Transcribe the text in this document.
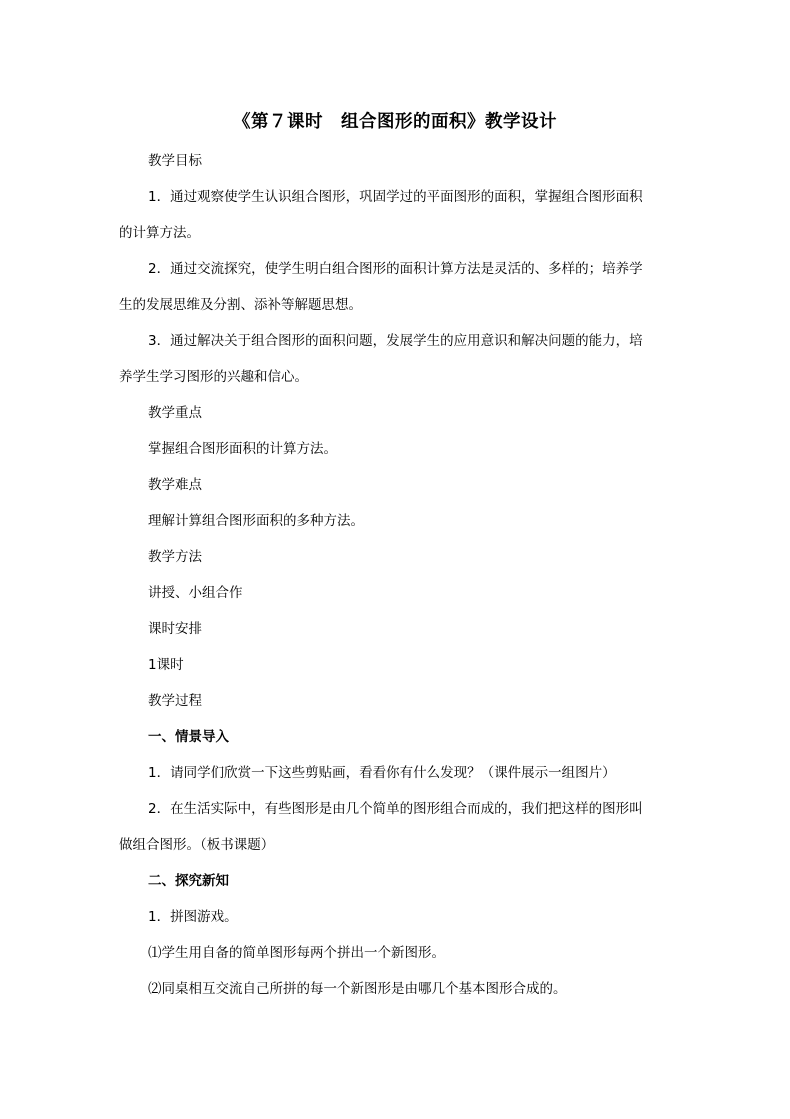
《第７课时　组合图形的面积》教学设计
教学目标
1．通过观察使学生认识组合图形，巩固学过的平面图形的面积，掌握组合图形面积
的计算方法。
2．通过交流探究，使学生明白组合图形的面积计算方法是灵活的、多样的；培养学
生的发展思维及分割、添补等解题思想。
3．通过解决关于组合图形的面积问题，发展学生的应用意识和解决问题的能力，培
养学生学习图形的兴趣和信心。
教学重点
掌握组合图形面积的计算方法。
教学难点
理解计算组合图形面积的多种方法。
教学方法
讲授、小组合作
课时安排
1课时
教学过程
一、情景导入
1．请同学们欣赏一下这些剪贴画，看看你有什么发现？（课件展示一组图片）
2．在生活实际中，有些图形是由几个简单的图形组合而成的，我们把这样的图形叫
做组合图形。（板书课题）
二、探究新知
1．拼图游戏。
⑴学生用自备的简单图形每两个拼出一个新图形。
⑵同桌相互交流自己所拼的每一个新图形是由哪几个基本图形合成的。
